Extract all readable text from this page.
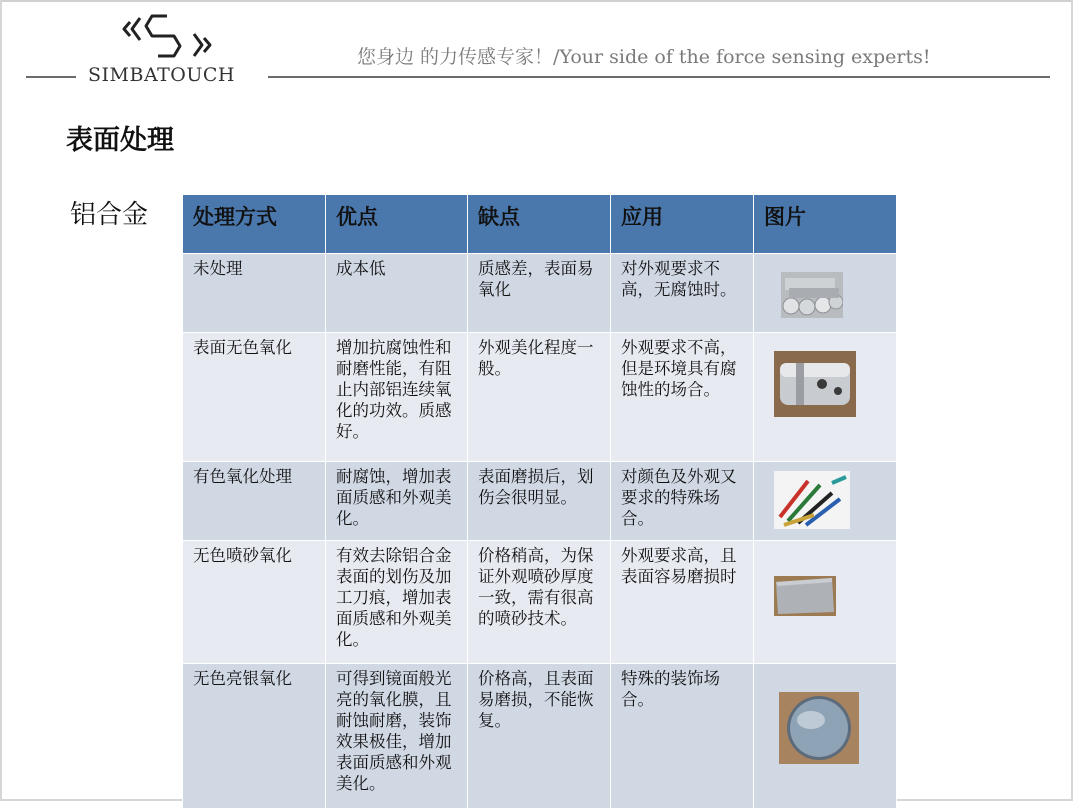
SIMBATOUCH
您身边 的力传感专家！/Your side of the force sensing experts!
表面处理
铝合金 处理方式	优点	缺点	应用	图片
未处理	成本低	质感差，表面易氧化	对外观要求不高，无腐蚀时。	

表面无色氧化	增加抗腐蚀性和耐磨性能，有阻止内部铝连续氧化的功效。质感好。	外观美化程度一般。	外观要求不高，但是环境具有腐蚀性的场合。	

有色氧化处理	耐腐蚀，增加表面质感和外观美化。	表面磨损后，划伤会很明显。	对颜色及外观又要求的特殊场合。	

无色喷砂氧化	有效去除铝合金表面的划伤及加工刀痕，增加表面质感和外观美化。	价格稍高，为保证外观喷砂厚度一致，需有很高的喷砂技术。	外观要求高，且表面容易磨损时	

无色亮银氧化	可得到镜面般光亮的氧化膜，且耐蚀耐磨，装饰效果极佳，增加表面质感和外观美化。	价格高，且表面易磨损，不能恢复。	特殊的装饰场合。	
